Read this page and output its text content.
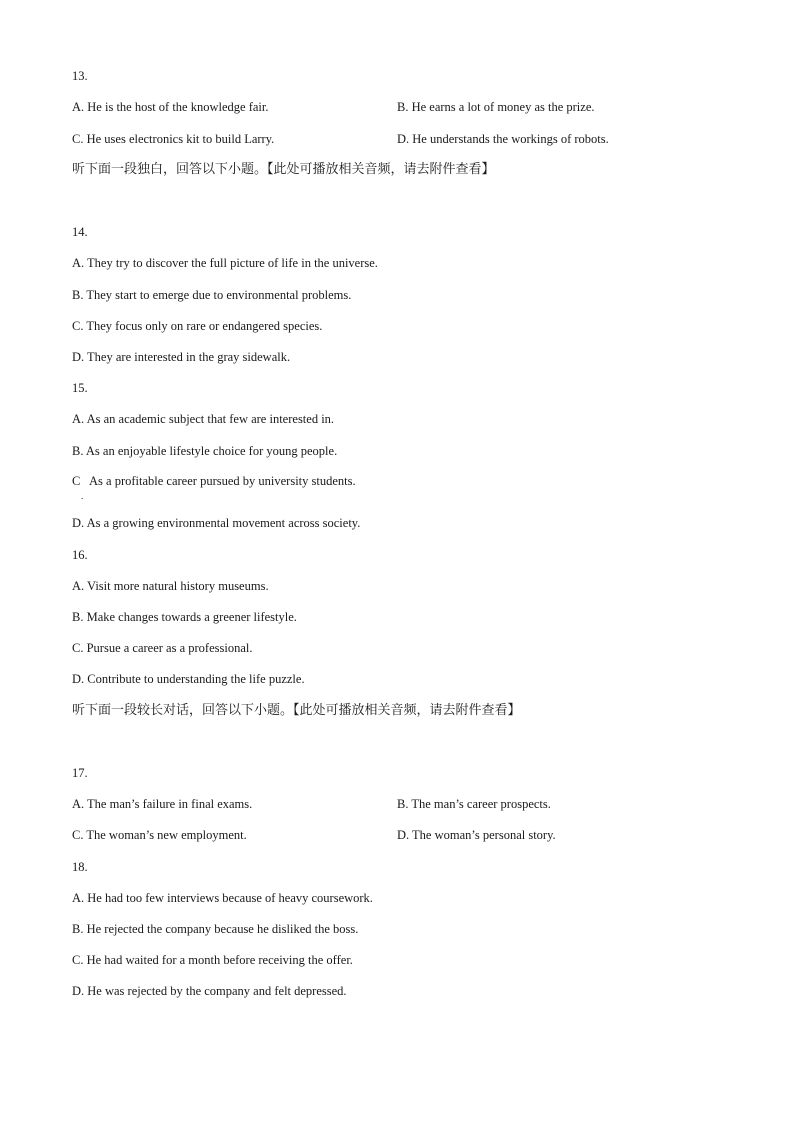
13.
A. He is the host of the knowledge fair.	B. He earns a lot of money as the prize.
C. He uses electronics kit to build Larry.	D. He understands the workings of robots.
听下面一段独白，回答以下小题。【此处可播放相关音频，请去附件查看】
14.
A. They try to discover the full picture of life in the universe.
B. They start to emerge due to environmental problems.
C. They focus only on rare or endangered species.
D. They are interested in the gray sidewalk.
15.
A. As an academic subject that few are interested in.
B. As an enjoyable lifestyle choice for young people.
C   As a profitable career pursued by university students.
.
D. As a growing environmental movement across society.
16.
A. Visit more natural history museums.
B. Make changes towards a greener lifestyle.
C. Pursue a career as a professional.
D. Contribute to understanding the life puzzle.
听下面一段较长对话，回答以下小题。【此处可播放相关音频，请去附件查看】
17.
A. The man’s failure in final exams.	B. The man’s career prospects.
C. The woman’s new employment.	D. The woman’s personal story.
18.
A. He had too few interviews because of heavy coursework.
B. He rejected the company because he disliked the boss.
C. He had waited for a month before receiving the offer.
D. He was rejected by the company and felt depressed.
